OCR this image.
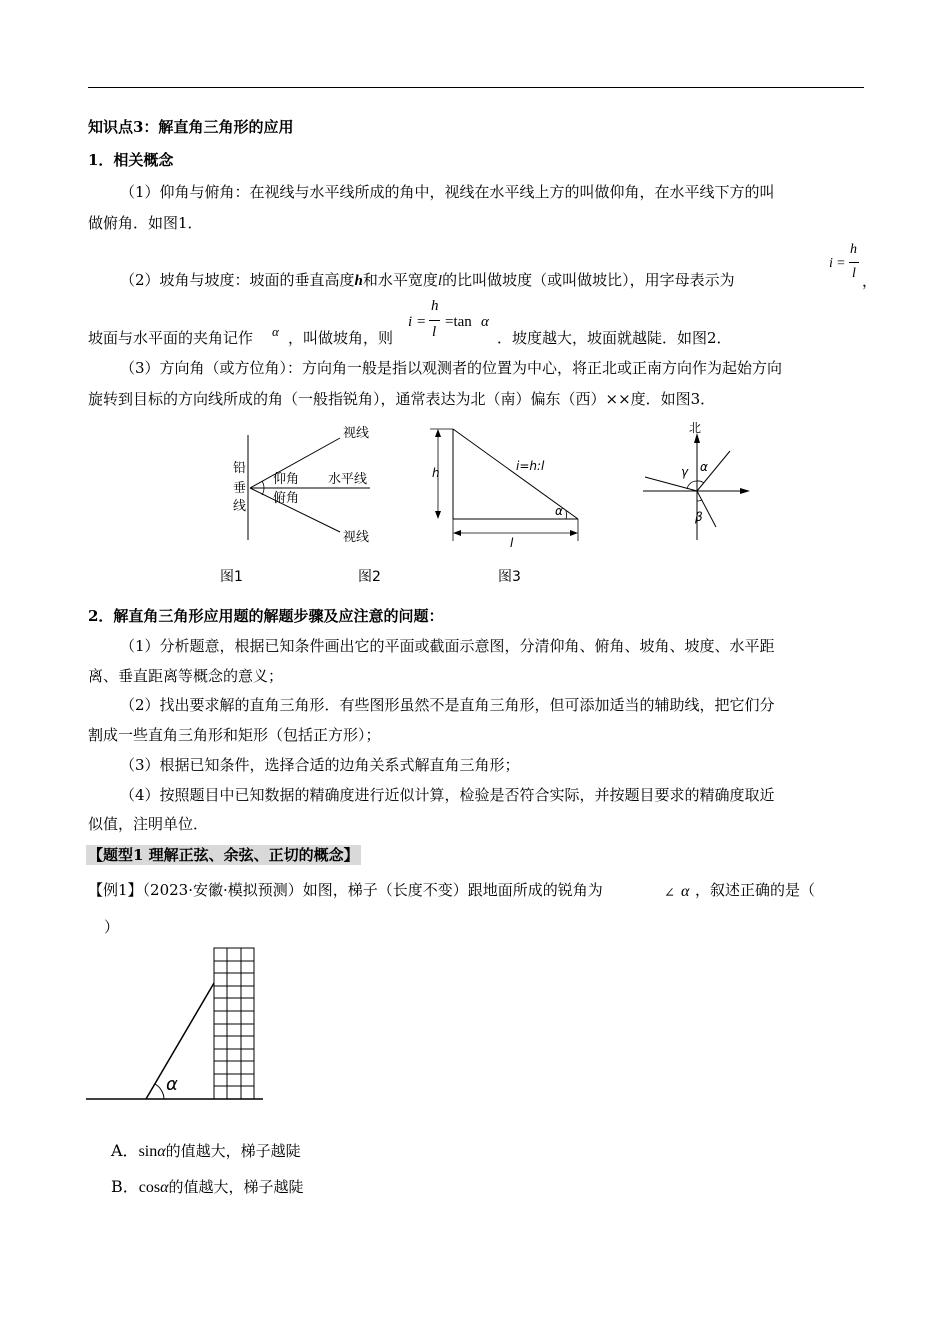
知识点3：解直角三角形的应用
1．相关概念
（1）仰角与俯角：在视线与水平线所成的角中，视线在水平线上方的叫做仰角，在水平线下方的叫
做俯角．如图1．
（2）坡角与坡度：坡面的垂直高度h和水平宽度l的比叫做坡度（或叫做坡比），用字母表示为
i =
h
l
，
坡面与水平面的夹角记作 α ，叫做坡角，则
i =
h
l
=tan α
．坡度越大，坡面就越陡．如图2．
（3）方向角（或方位角）：方向角一般是指以观测者的位置为中心，将正北或正南方向作为起始方向
旋转到目标的方向线所成的角（一般指锐角），通常表达为北（南）偏东（西）××度．如图3．
铅
垂
线
视线
仰角 水平线
俯角
视线
图1
h	i=h:l
α
l
图2
北
γ α
β
图3
2．解直角三角形应用题的解题步骤及应注意的问题：
（1）分析题意，根据已知条件画出它的平面或截面示意图，分清仰角、俯角、坡角、坡度、水平距
离、垂直距离等概念的意义；
（2）找出要求解的直角三角形．有些图形虽然不是直角三角形，但可添加适当的辅助线，把它们分
割成一些直角三角形和矩形（包括正方形）；
（3）根据已知条件，选择合适的边角关系式解直角三角形；
（4）按照题目中已知数据的精确度进行近似计算，检验是否符合实际，并按题目要求的精确度取近
似值，注明单位．
【题型1 理解正弦、余弦、正切的概念】
【例1】（2023·安徽·模拟预测）如图，梯子（长度不变）跟地面所成的锐角为	∠ α ，叙述正确的是（
）
α
A．sinα的值越大，梯子越陡
B．cosα的值越大，梯子越陡
